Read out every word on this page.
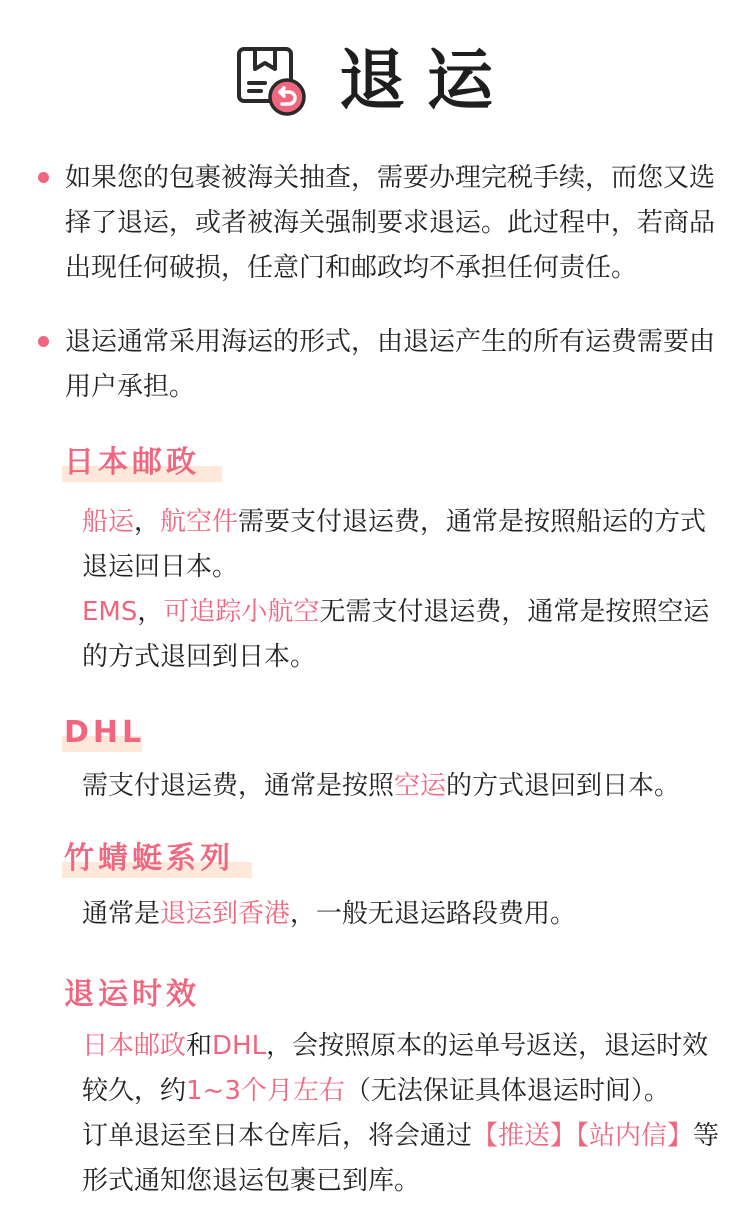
退运
如果您的包裹被海关抽查，需要办理完税手续，而您又选择了退运，或者被海关强制要求退运。此过程中，若商品出现任何破损，任意门和邮政均不承担任何责任。
退运通常采用海运的形式，由退运产生的所有运费需要由用户承担。
日本邮政
船运，航空件需要支付退运费，通常是按照船运的方式退运回日本。
EMS，可追踪小航空无需支付退运费，通常是按照空运的方式退回到日本。
DHL
需支付退运费，通常是按照空运的方式退回到日本。
竹蜻蜓系列
通常是退运到香港，一般无退运路段费用。
退运时效
日本邮政和DHL，会按照原本的运单号返送，退运时效较久，约1~3个月左右（无法保证具体退运时间）。
订单退运至日本仓库后，将会通过【推送】【站内信】等形式通知您退运包裹已到库。
